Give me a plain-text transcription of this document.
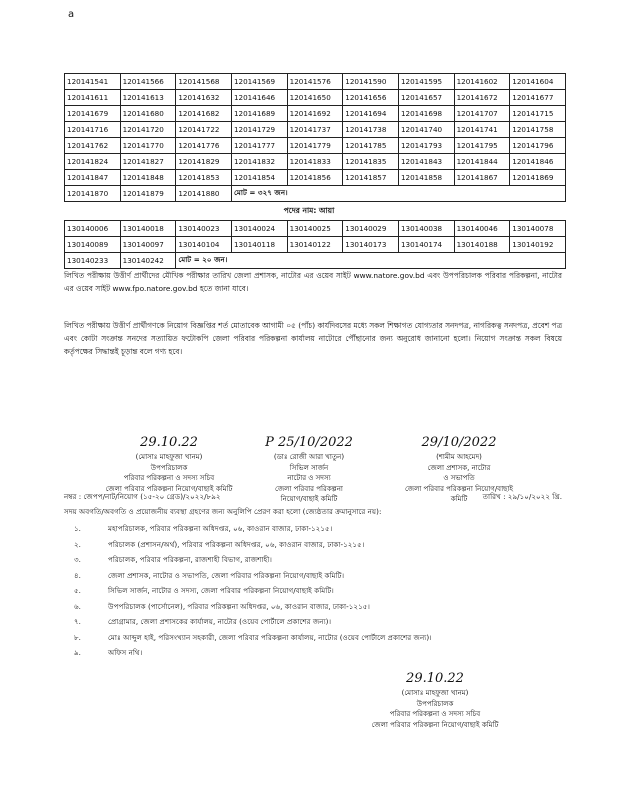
a
120141541	120141566	120141568	120141569	120141576	120141590	120141595	120141602	120141604
120141611	120141613	120141632	120141646	120141650	120141656	120141657	120141672	120141677
120141679	120141680	120141682	120141689	120141692	120141694	120141698	120141707	120141715
120141716	120141720	120141722	120141729	120141737	120141738	120141740	120141741	120141758
120141762	120141770	120141776	120141777	120141779	120141785	120141793	120141795	120141796
120141824	120141827	120141829	120141832	120141833	120141835	120141843	120141844	120141846
120141847	120141848	120141853	120141854	120141856	120141857	120141858	120141867	120141869
120141870	120141879	120141880	মোট = ৩২৭ জন।					
পদের নাম: আয়া
130140006	130140018	130140023	130140024	130140025	130140029	130140038	130140046	130140078
130140089	130140097	130140104	130140118	130140122	130140173	130140174	130140188	130140192
130140233	130140242	মোট = ২০ জন।						
লিখিত পরীক্ষায় উত্তীর্ণ প্রার্থীদের মৌখিক পরীক্ষার তারিখ জেলা প্রশাসক, নাটোর এর ওয়েব সাইট www.natore.gov.bd এবং উপপরিচালক পরিবার পরিকল্পনা, নাটোর এর ওয়েব সাইট www.fpo.natore.gov.bd হতে জানা যাবে।
লিখিত পরীক্ষায় উত্তীর্ণ প্রার্থীগণকে নিয়োগ বিজ্ঞপ্তির শর্ত মোতাবেক আগামী ০৫ (পাঁচ) কার্যদিবসের মধ্যে সকল শিক্ষাগত যোগ্যতার সনদপত্র, নাগরিকত্ব সনদপত্র, প্রবেশ পত্র এবং কোটা সংক্রান্ত সনদের সত্যায়িত ফটোকপি জেলা পরিবার পরিকল্পনা কার্যালয় নাটোরে পৌঁছানোর জন্য অনুরোধ জানানো হলো। নিয়োগ সংক্রান্ত সকল বিষয়ে কর্তৃপক্ষের সিদ্ধান্তই চূড়ান্ত বলে গণ্য হবে।
29.10.22
(মোসাঃ মাহফুজা খানম)
উপপরিচালক
পরিবার পরিকল্পনা ও সদস্য সচিব
জেলা পরিবার পরিকল্পনা নিয়োগ/বাছাই কমিটি
P 25/10/2022
(ডাঃ রোজী আরা খাতুন)
সিভিল সার্জন
নাটোর ও সদস্য
জেলা পরিবার পরিকল্পনা
নিয়োগ/বাছাই কমিটি
29/10/2022
(শামীম আহমেদ)
জেলা প্রশাসক, নাটোর
ও সভাপতি
জেলা পরিবার পরিকল্পনা নিয়োগ/বাছাই
কমিটি
নম্বর : জেপপ/নাট/নিয়োগ (১৫-২০ গ্রেড)/২০২২/৮৯২	তারিখ : ২৯/১০/২০২২ খ্রি.
সদয় অবগতি/অবগতি ও প্রয়োজনীয় ব্যবস্থা গ্রহণের জন্য অনুলিপি প্রেরণ করা হলো (জ্যেষ্ঠতার ক্রমানুসারে নয়):
১.	মহাপরিচালক, পরিবার পরিকল্পনা অধিদপ্তর, ০৬, কাওরান বাজার, ঢাকা-১২১৫।
২.	পরিচালক (প্রশাসন/অর্থ), পরিবার পরিকল্পনা অধিদপ্তর, ০৬, কাওরান বাজার, ঢাকা-১২১৫।
৩.	পরিচালক, পরিবার পরিকল্পনা, রাজশাহী বিভাগ, রাজশাহী।
৪.	জেলা প্রশাসক, নাটোর ও সভাপতি, জেলা পরিবার পরিকল্পনা নিয়োগ/বাছাই কমিটি।
৫.	সিভিল সার্জন, নাটোর ও সদস্য, জেলা পরিবার পরিকল্পনা নিয়োগ/বাছাই কমিটি।
৬.	উপপরিচালক (পার্সোনেল), পরিবার পরিকল্পনা অধিদপ্তর, ০৬, কাওরান বাজার, ঢাকা-১২১৫।
৭.	প্রোগ্রামার, জেলা প্রশাসকের কার্যালয়, নাটোর (ওয়েব পোর্টালে প্রকাশের জন্য)।
৮.	মোঃ আব্দুল হাই, পরিসংখ্যান সহকারী, জেলা পরিবার পরিকল্পনা কার্যালয়, নাটোর (ওয়েব পোর্টালে প্রকাশের জন্য)।
৯.	অফিস নথি।
29.10.22
(মোসাঃ মাহফুজা খানম)
উপপরিচালক
পরিবার পরিকল্পনা ও সদস্য সচিব
জেলা পরিবার পরিকল্পনা নিয়োগ/বাছাই কমিটি
